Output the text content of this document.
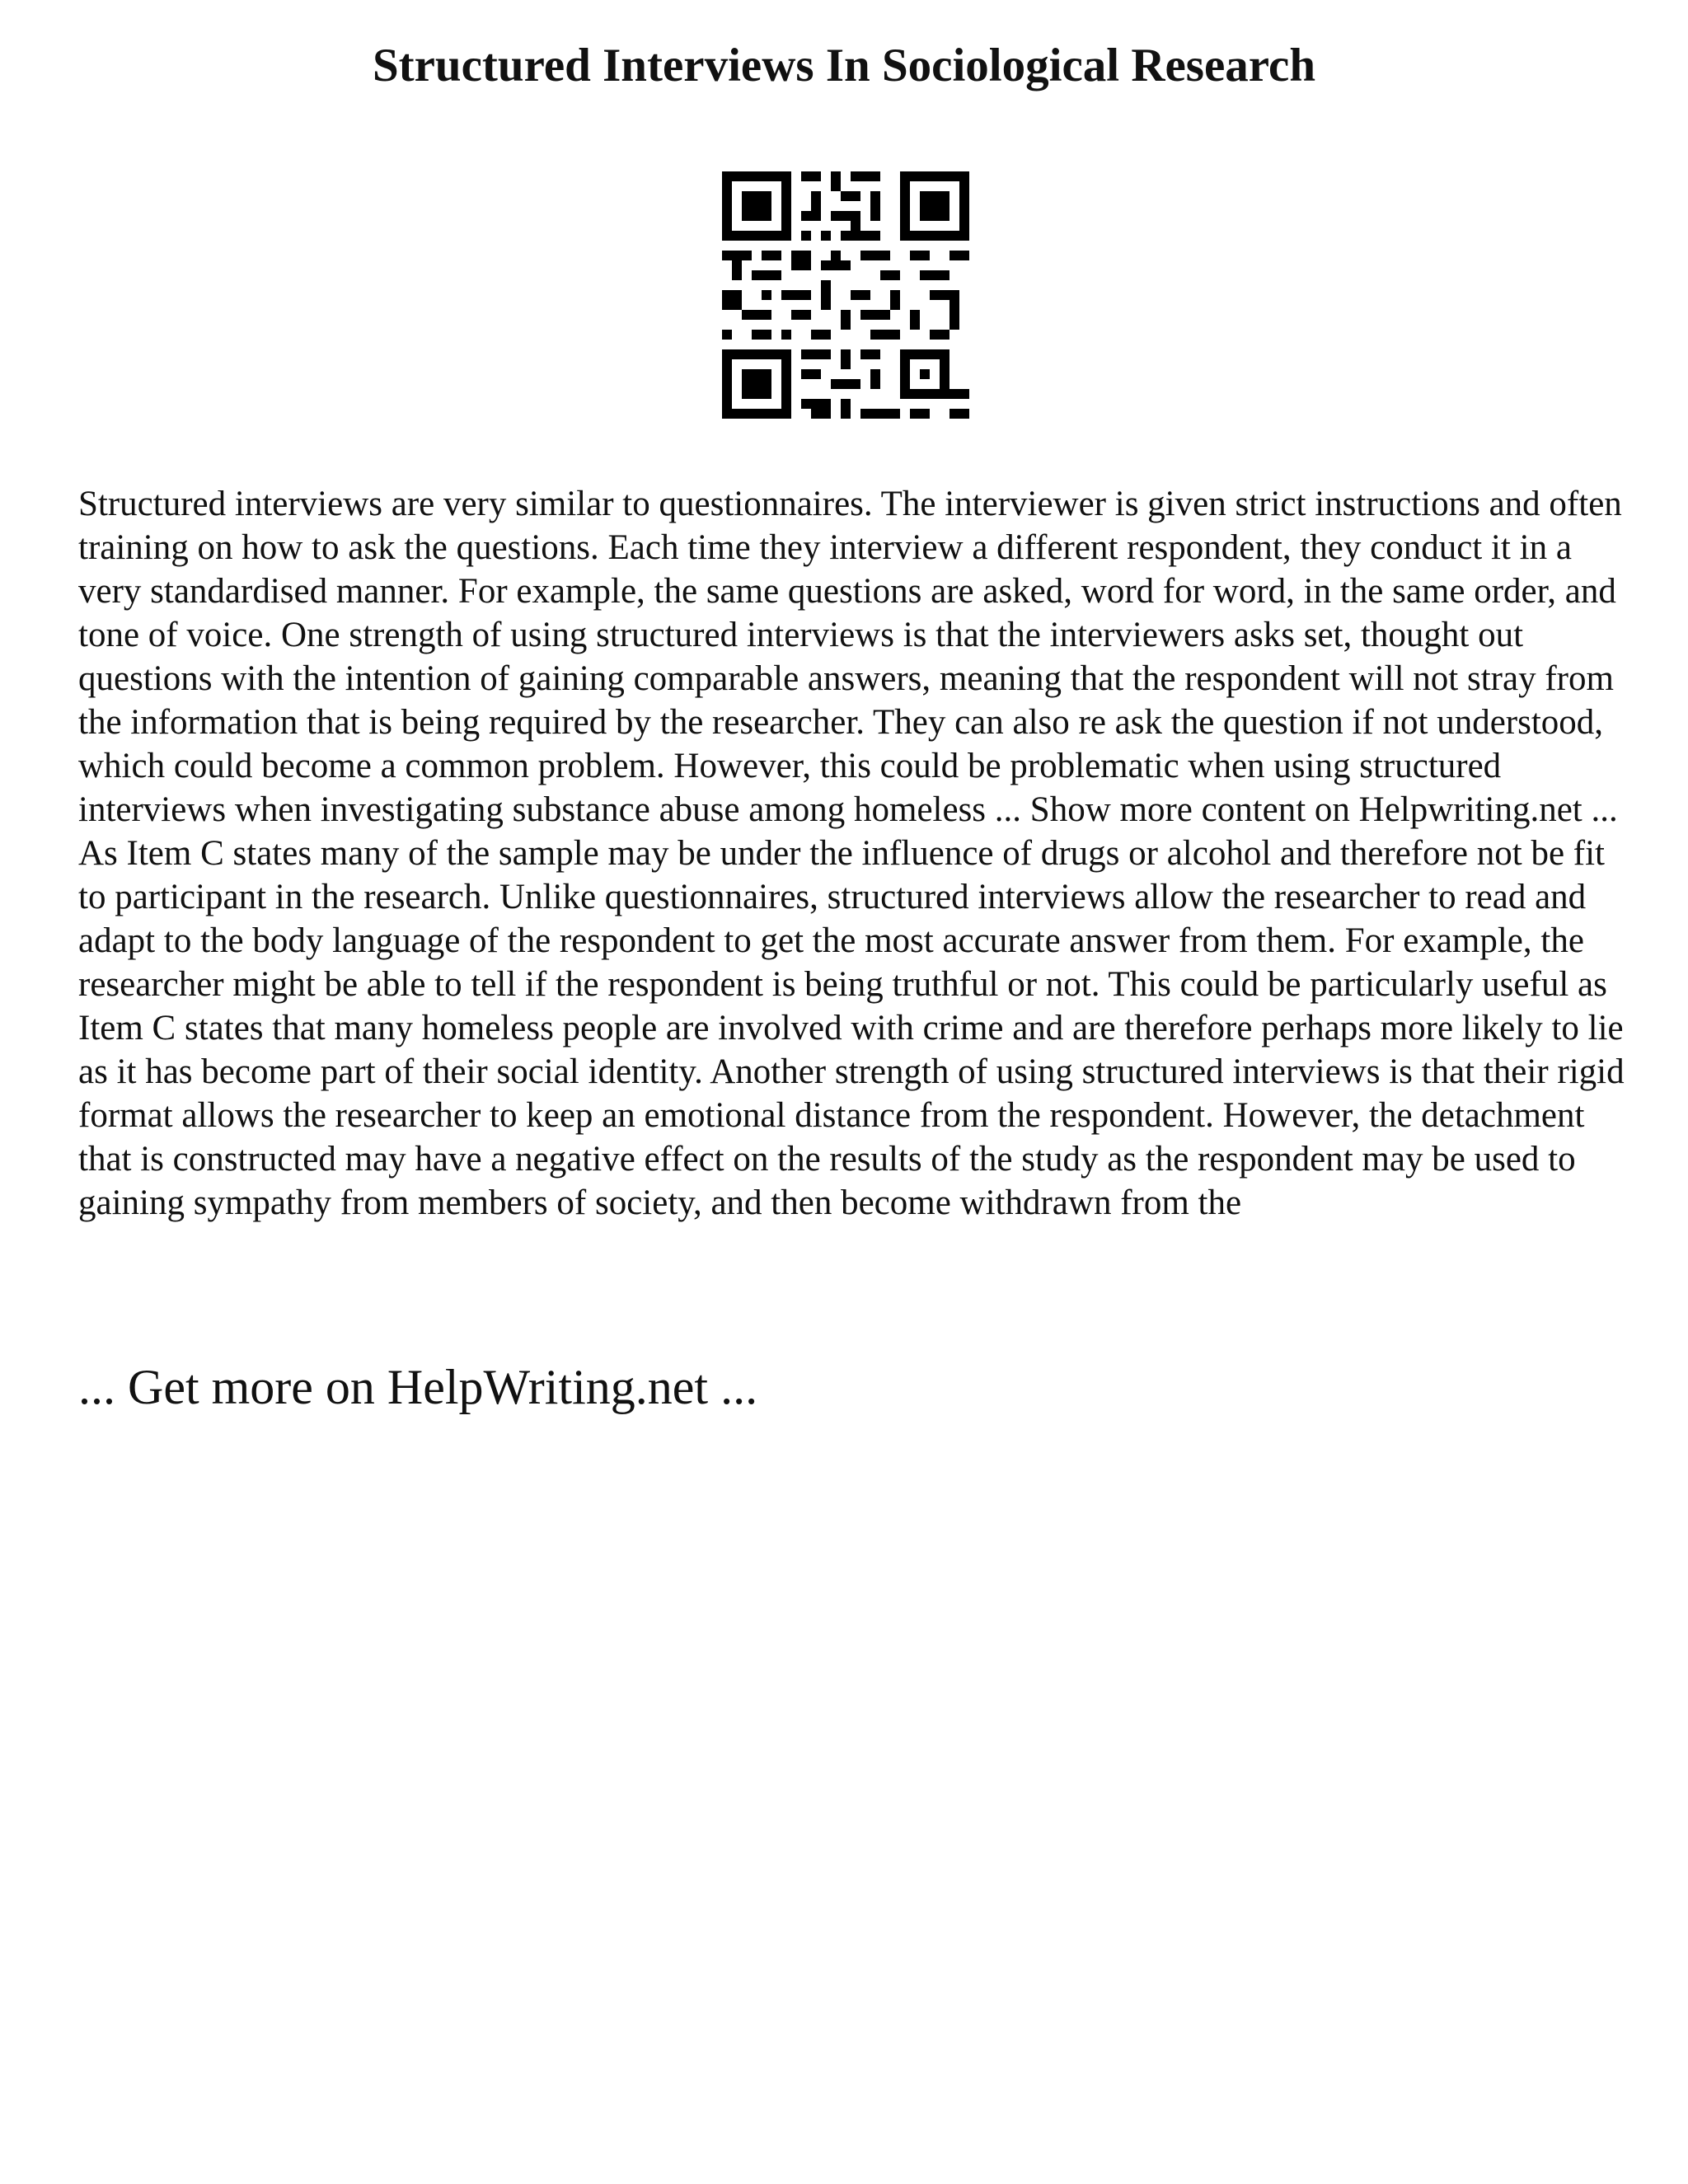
Structured Interviews In Sociological Research

Structured interviews are very similar to questionnaires. The interviewer is given strict instructions and often training on how to ask the questions. Each time they interview a different respondent, they conduct it in a very standardised manner. For example, the same questions are asked, word for word, in the same order, and tone of voice. One strength of using structured interviews is that the interviewers asks set, thought out questions with the intention of gaining comparable answers, meaning that the respondent will not stray from the information that is being required by the researcher. They can also re ask the question if not understood, which could become a common problem. However, this could be problematic when using structured interviews when investigating substance abuse among homeless ... Show more content on Helpwriting.net ...

As Item C states many of the sample may be under the influence of drugs or alcohol and therefore not be fit to participant in the research. Unlike questionnaires, structured interviews allow the researcher to read and adapt to the body language of the respondent to get the most accurate answer from them. For example, the researcher might be able to tell if the respondent is being truthful or not. This could be particularly useful as Item C states that many homeless people are involved with crime and are therefore perhaps more likely to lie as it has become part of their social identity. Another strength of using structured interviews is that their rigid format allows the researcher to keep an emotional distance from the respondent. However, the detachment that is constructed may have a negative effect on the results of the study as the respondent may be used to gaining sympathy from members of society, and then become withdrawn from the

... Get more on HelpWriting.net ...
